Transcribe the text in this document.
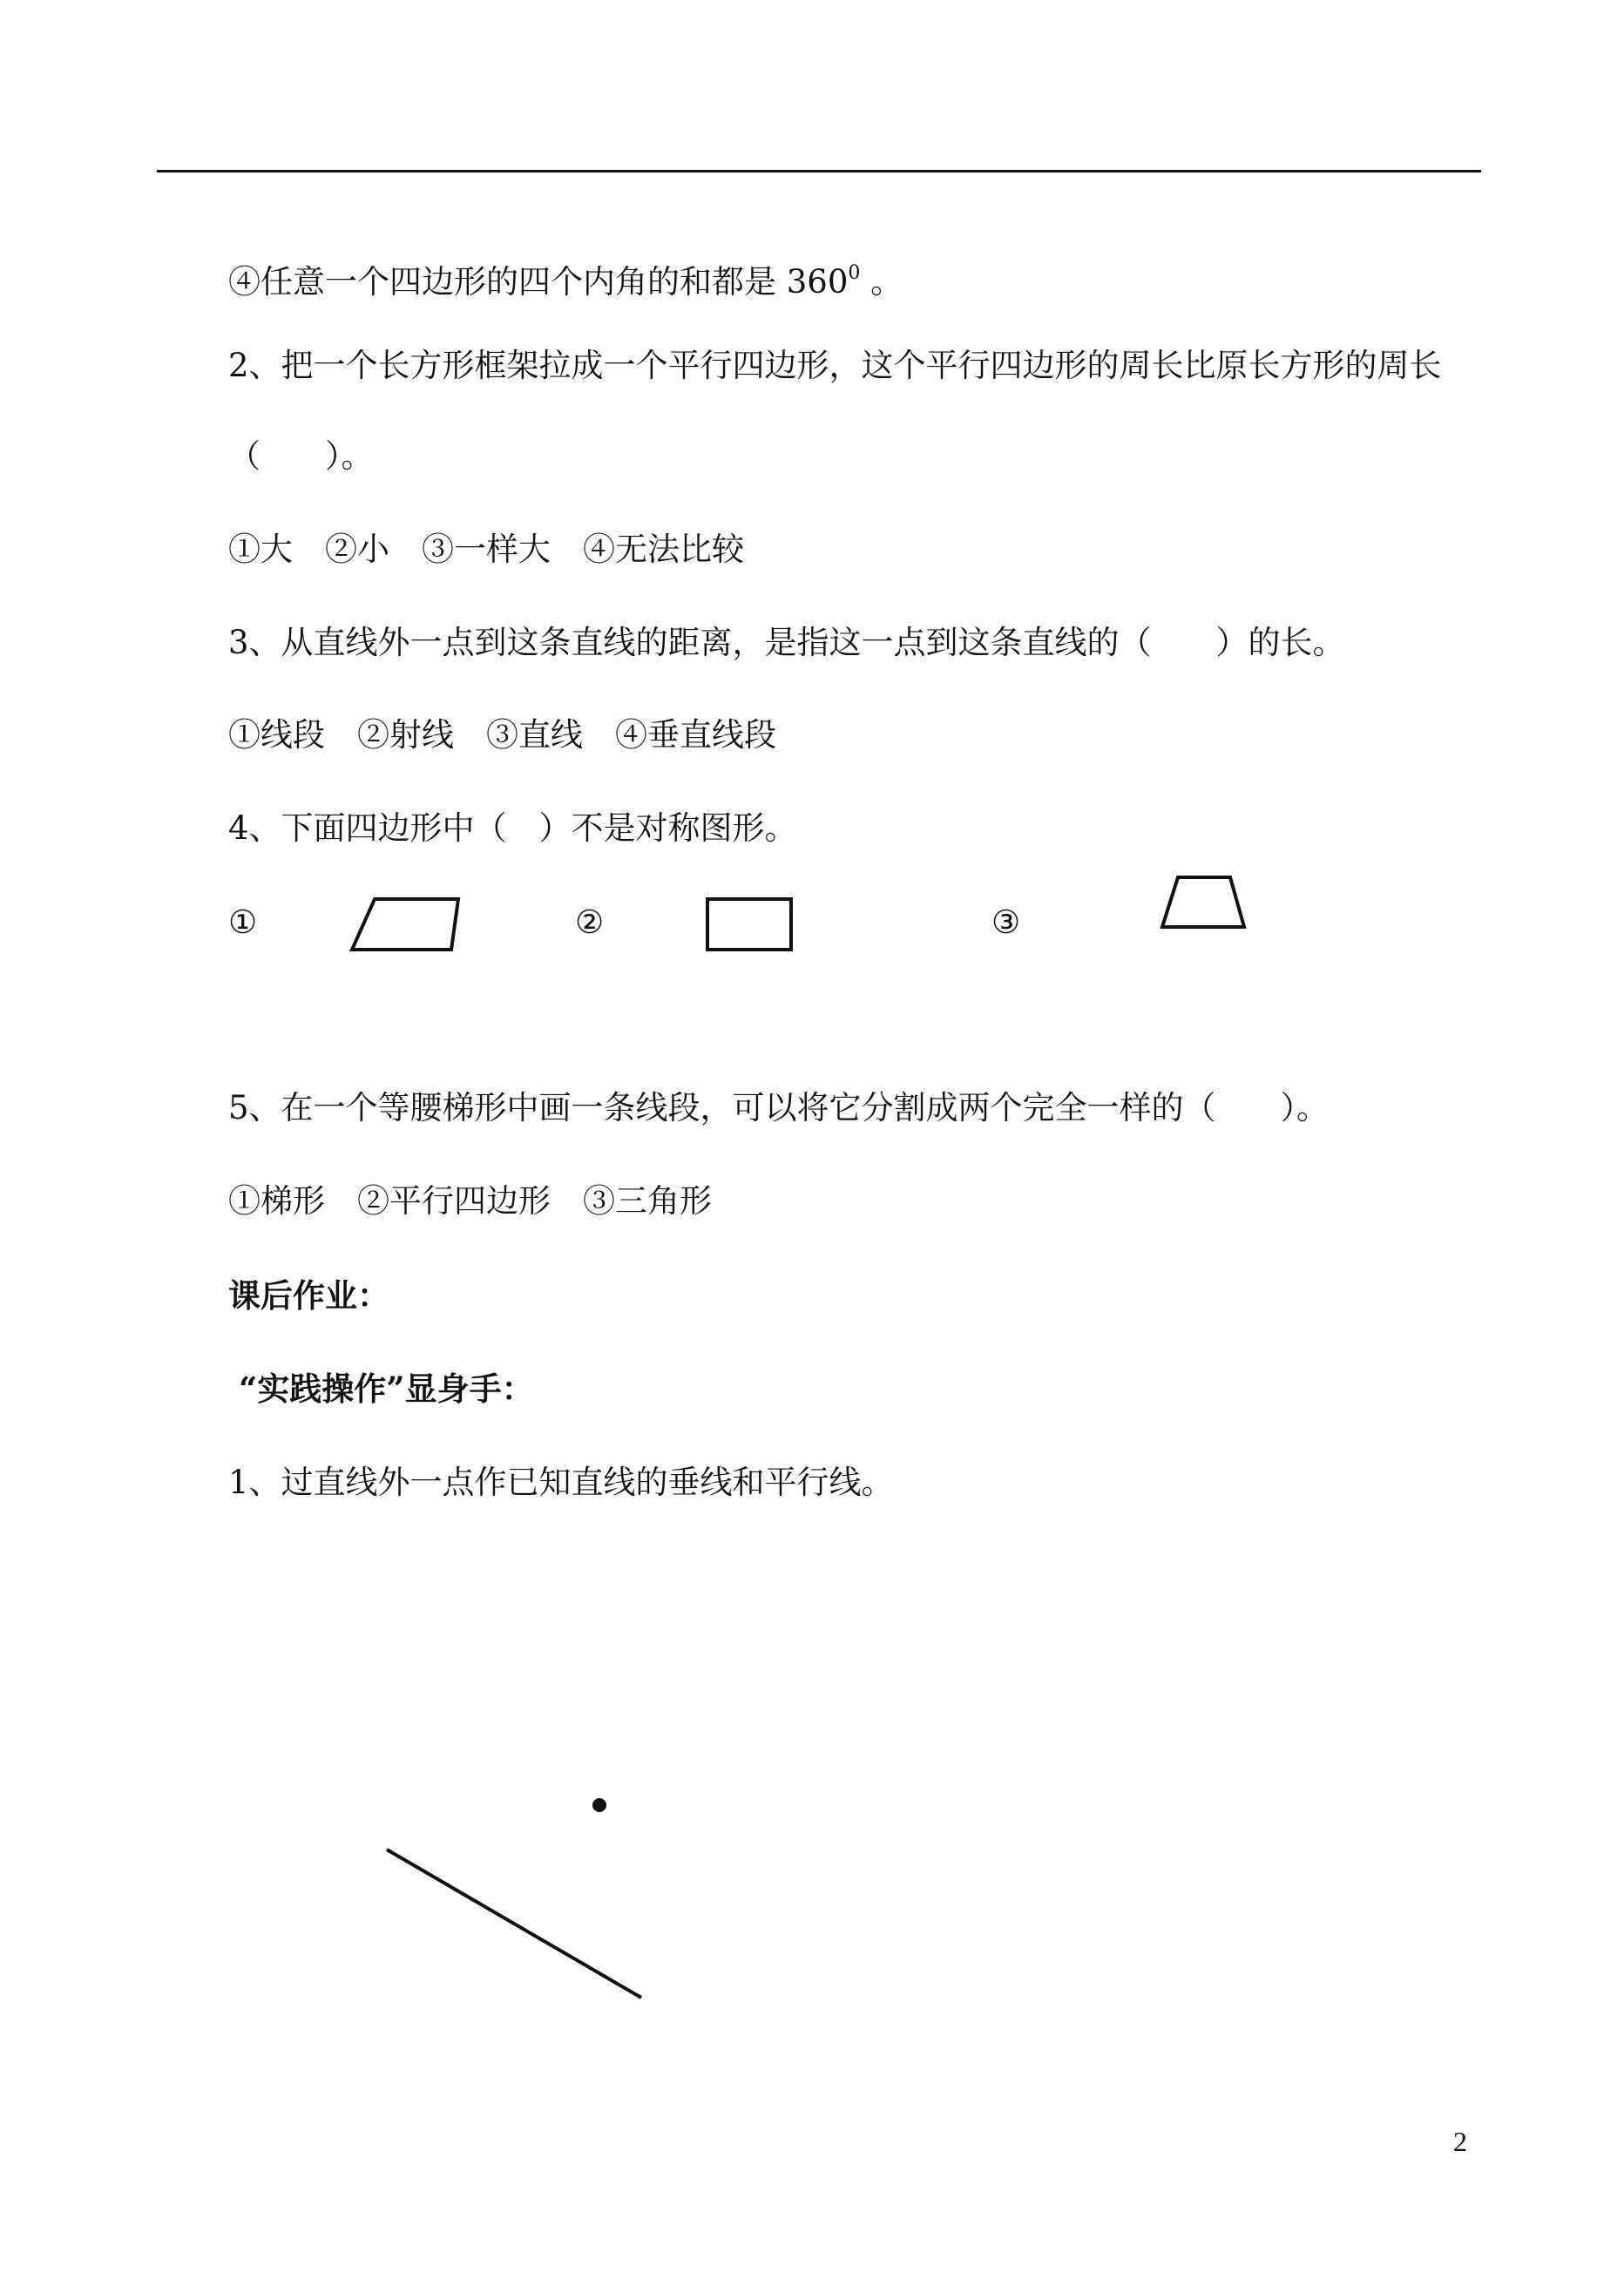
④任意一个四边形的四个内角的和都是 $360^0$ 。
2、把一个长方形框架拉成一个平行四边形，这个平行四边形的周长比原长方形的周长
（　　）。
①大　②小　③一样大　④无法比较
3、从直线外一点到这条直线的距离，是指这一点到这条直线的（　　）的长。
①线段　②射线　③直线　④垂直线段
4、下面四边形中（　）不是对称图形。
①	②	③
5、在一个等腰梯形中画一条线段，可以将它分割成两个完全一样的（　　）。
①梯形　②平行四边形　③三角形
课后作业：
“实践操作”显身手：
1、过直线外一点作已知直线的垂线和平行线。
2
